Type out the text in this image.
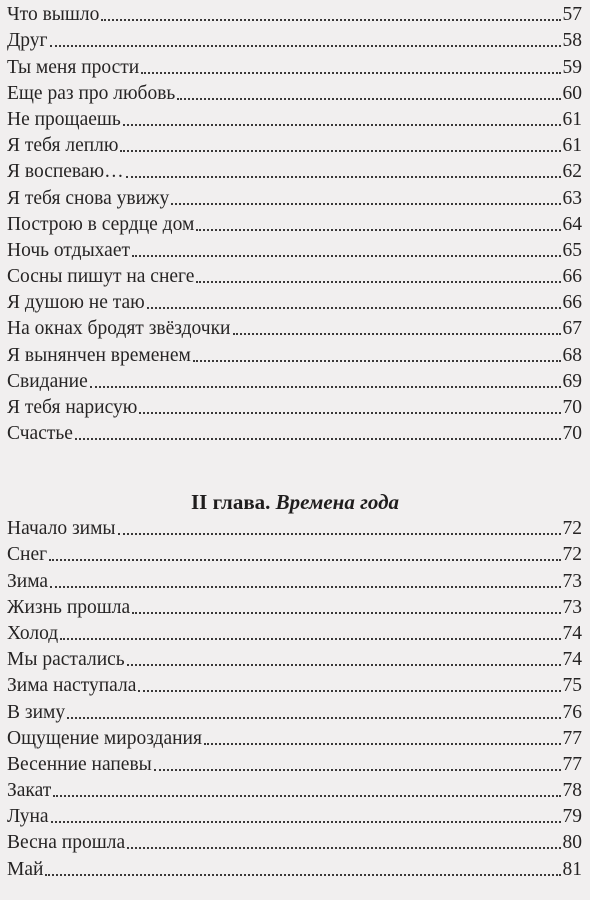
Что вышло	57
Друг	58
Ты меня прости	59
Еще раз про любовь	60
Не прощаешь	61
Я тебя леплю	61
Я воспеваю…	62
Я тебя снова увижу	63
Построю в сердце дом	64
Ночь отдыхает	65
Сосны пишут на снеге	66
Я душою не таю	66
На окнах бродят звёздочки	67
Я вынянчен временем	68
Свидание	69
Я тебя нарисую	70
Счастье	70
II глава. Времена года
Начало зимы	72
Снег	72
Зима	73
Жизнь прошла	73
Холод	74
Мы растались	74
Зима наступала	75
В зиму	76
Ощущение мироздания	77
Весенние напевы	77
Закат	78
Луна	79
Весна прошла	80
Май	81
